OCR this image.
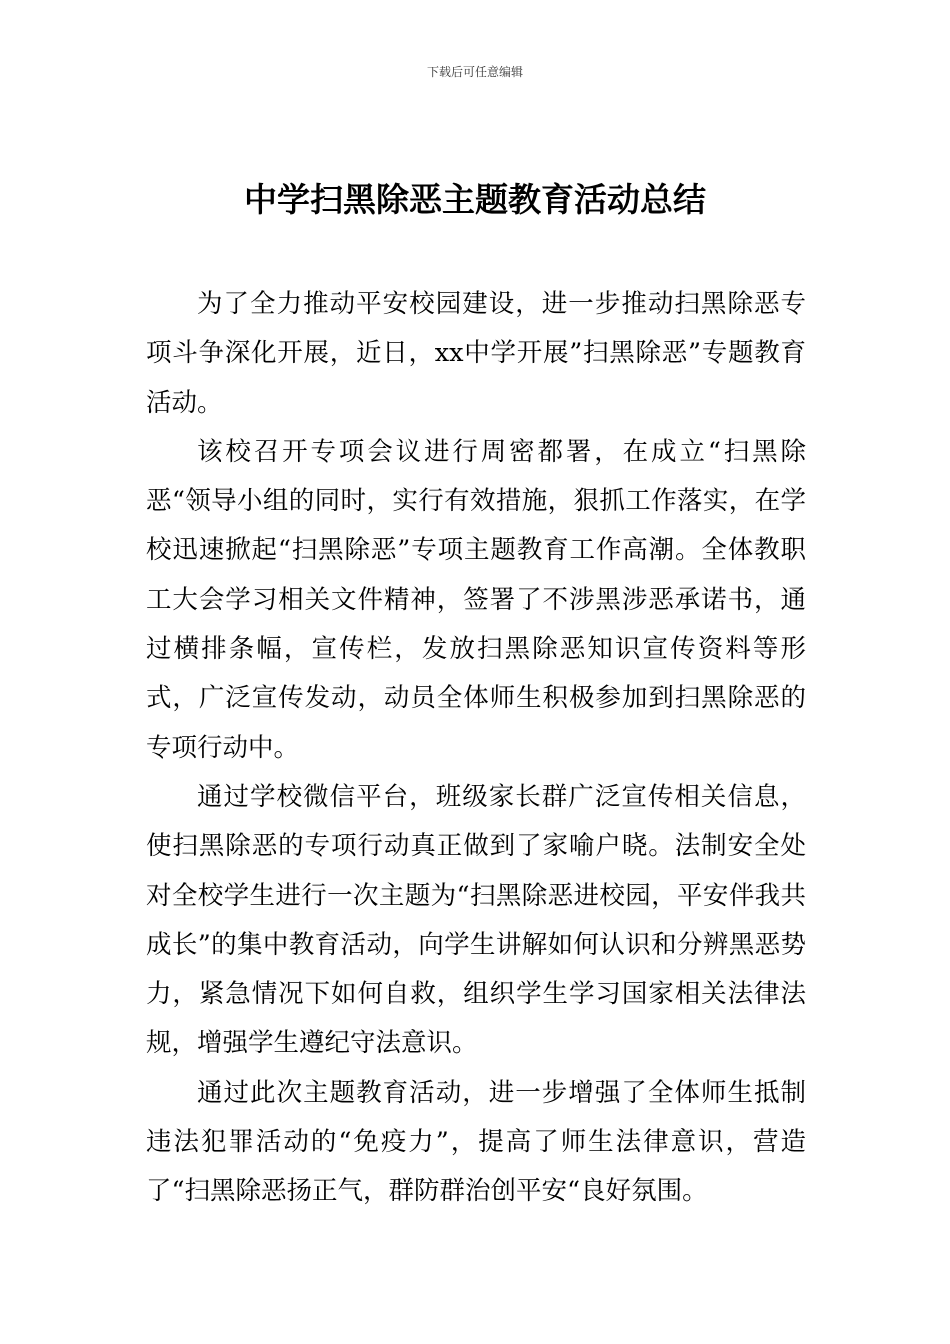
下载后可任意编辑
中学扫黑除恶主题教育活动总结

为了全力推动平安校园建设，进一步推动扫黑除恶专项斗争深化开展，近日，xx中学开展”扫黑除恶”专题教育活动。

该校召开专项会议进行周密都署，在成立“扫黑除恶“领导小组的同时，实行有效措施，狠抓工作落实，在学校迅速掀起“扫黑除恶”专项主题教育工作高潮。全体教职工大会学习相关文件精神，签署了不涉黑涉恶承诺书，通过横排条幅，宣传栏，发放扫黑除恶知识宣传资料等形式，广泛宣传发动，动员全体师生积极参加到扫黑除恶的专项行动中。

通过学校微信平台，班级家长群广泛宣传相关信息，使扫黑除恶的专项行动真正做到了家喻户晓。法制安全处对全校学生进行一次主题为“扫黑除恶进校园，平安伴我共成长”的集中教育活动，向学生讲解如何认识和分辨黑恶势力，紧急情况下如何自救，组织学生学习国家相关法律法规，增强学生遵纪守法意识。

通过此次主题教育活动，进一步增强了全体师生抵制违法犯罪活动的“免疫力”，提高了师生法律意识，营造了“扫黑除恶扬正气，群防群治创平安“良好氛围。
